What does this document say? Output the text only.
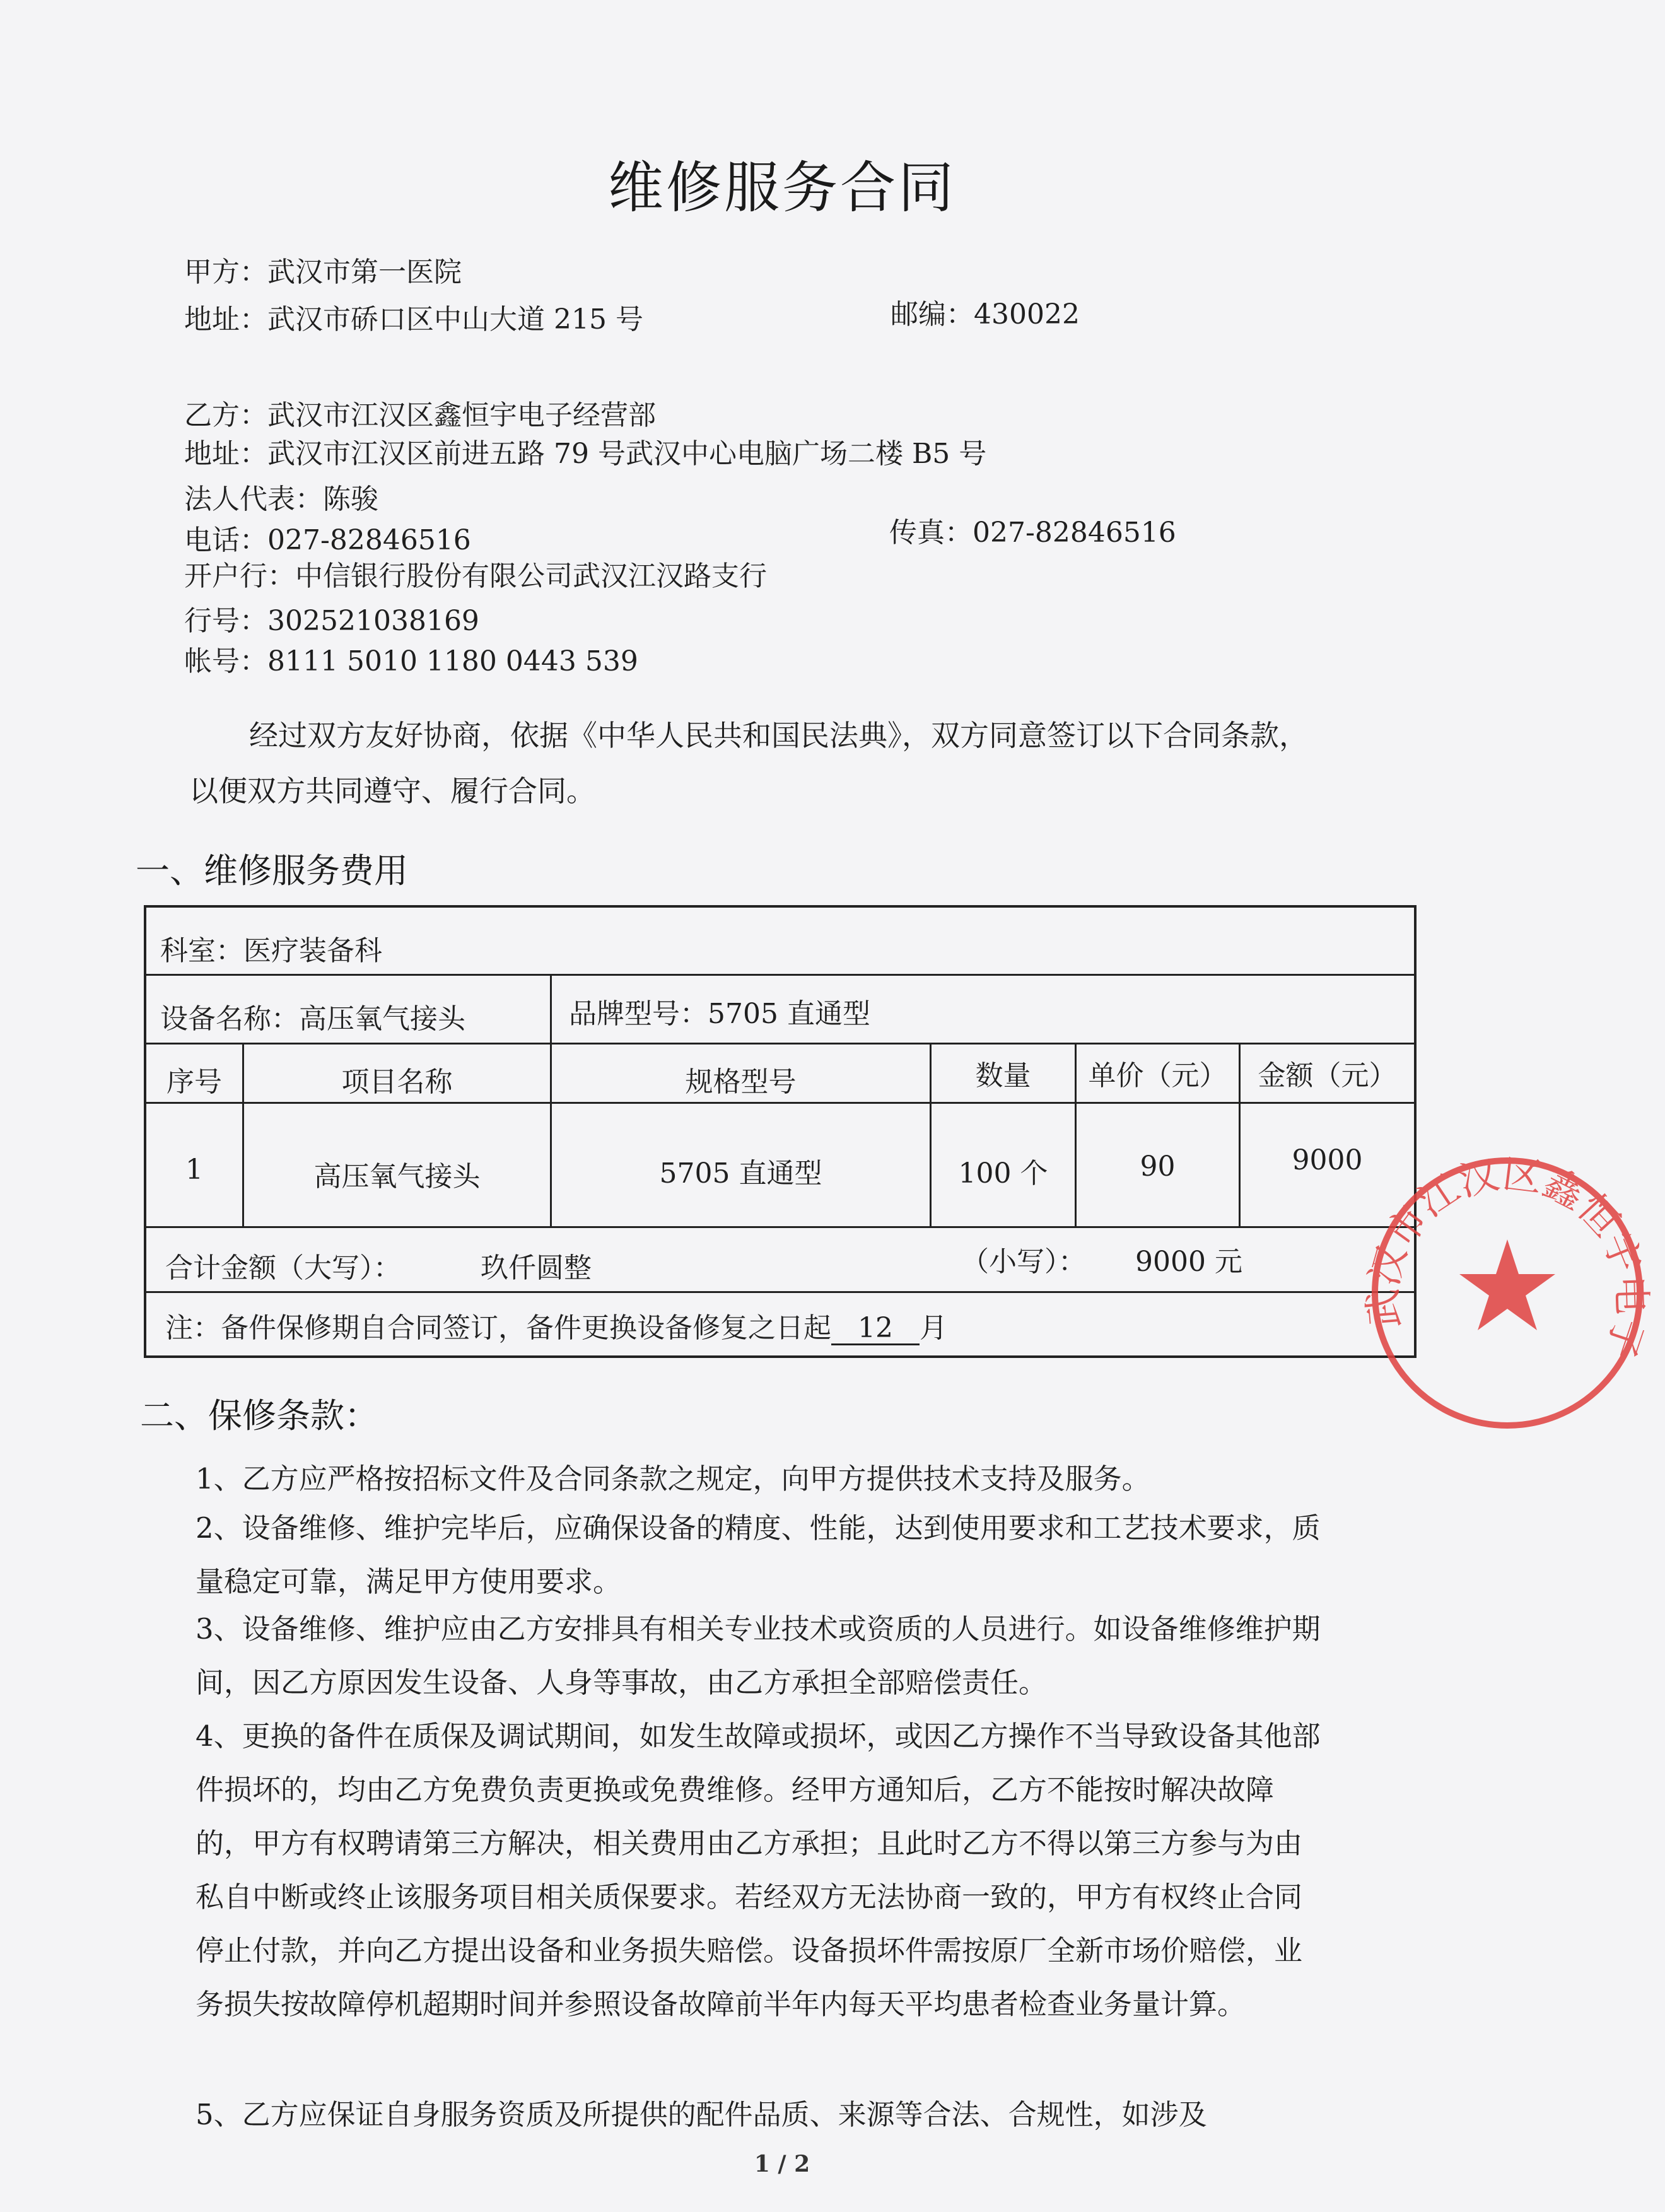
维修服务合同
甲方：武汉市第一医院
地址：武汉市硚口区中山大道 215 号	邮编：430022
乙方：武汉市江汉区鑫恒宇电子经营部
地址：武汉市江汉区前进五路 79 号武汉中心电脑广场二楼 B5 号
法人代表：陈骏
电话：027-82846516	传真：027-82846516
开户行：中信银行股份有限公司武汉江汉路支行
行号：302521038169
帐号：8111 5010 1180 0443 539
经过双方友好协商，依据《中华人民共和国民法典》，双方同意签订以下合同条款，以便双方共同遵守、履行合同。
一、维修服务费用
科室：医疗装备科
设备名称：高压氧气接头	品牌型号：5705 直通型
序号	项目名称	规格型号	数量	单价（元）	金额（元）
1	高压氧气接头	5705 直通型	100 个	90	9000
合计金额（大写）：	玖仟圆整	（小写）： 9000 元
注：备件保修期自合同签订，备件更换设备修复之日起 12 月
二、保修条款：
1、乙方应严格按招标文件及合同条款之规定，向甲方提供技术支持及服务。
2、设备维修、维护完毕后，应确保设备的精度、性能，达到使用要求和工艺技术要求，质量稳定可靠，满足甲方使用要求。
3、设备维修、维护应由乙方安排具有相关专业技术或资质的人员进行。如设备维修维护期间，因乙方原因发生设备、人身等事故，由乙方承担全部赔偿责任。
4、更换的备件在质保及调试期间，如发生故障或损坏，或因乙方操作不当导致设备其他部件损坏的，均由乙方免费负责更换或免费维修。经甲方通知后，乙方不能按时解决故障的，甲方有权聘请第三方解决，相关费用由乙方承担；且此时乙方不得以第三方参与为由私自中断或终止该服务项目相关质保要求。若经双方无法协商一致的，甲方有权终止合同停止付款，并向乙方提出设备和业务损失赔偿。设备损坏件需按原厂全新市场价赔偿，业务损失按故障停机超期时间并参照设备故障前半年内每天平均患者检查业务量计算。
5、乙方应保证自身服务资质及所提供的配件品质、来源等合法、合规性，如涉及
武汉市江汉区鑫恒宇电子
1 / 2
